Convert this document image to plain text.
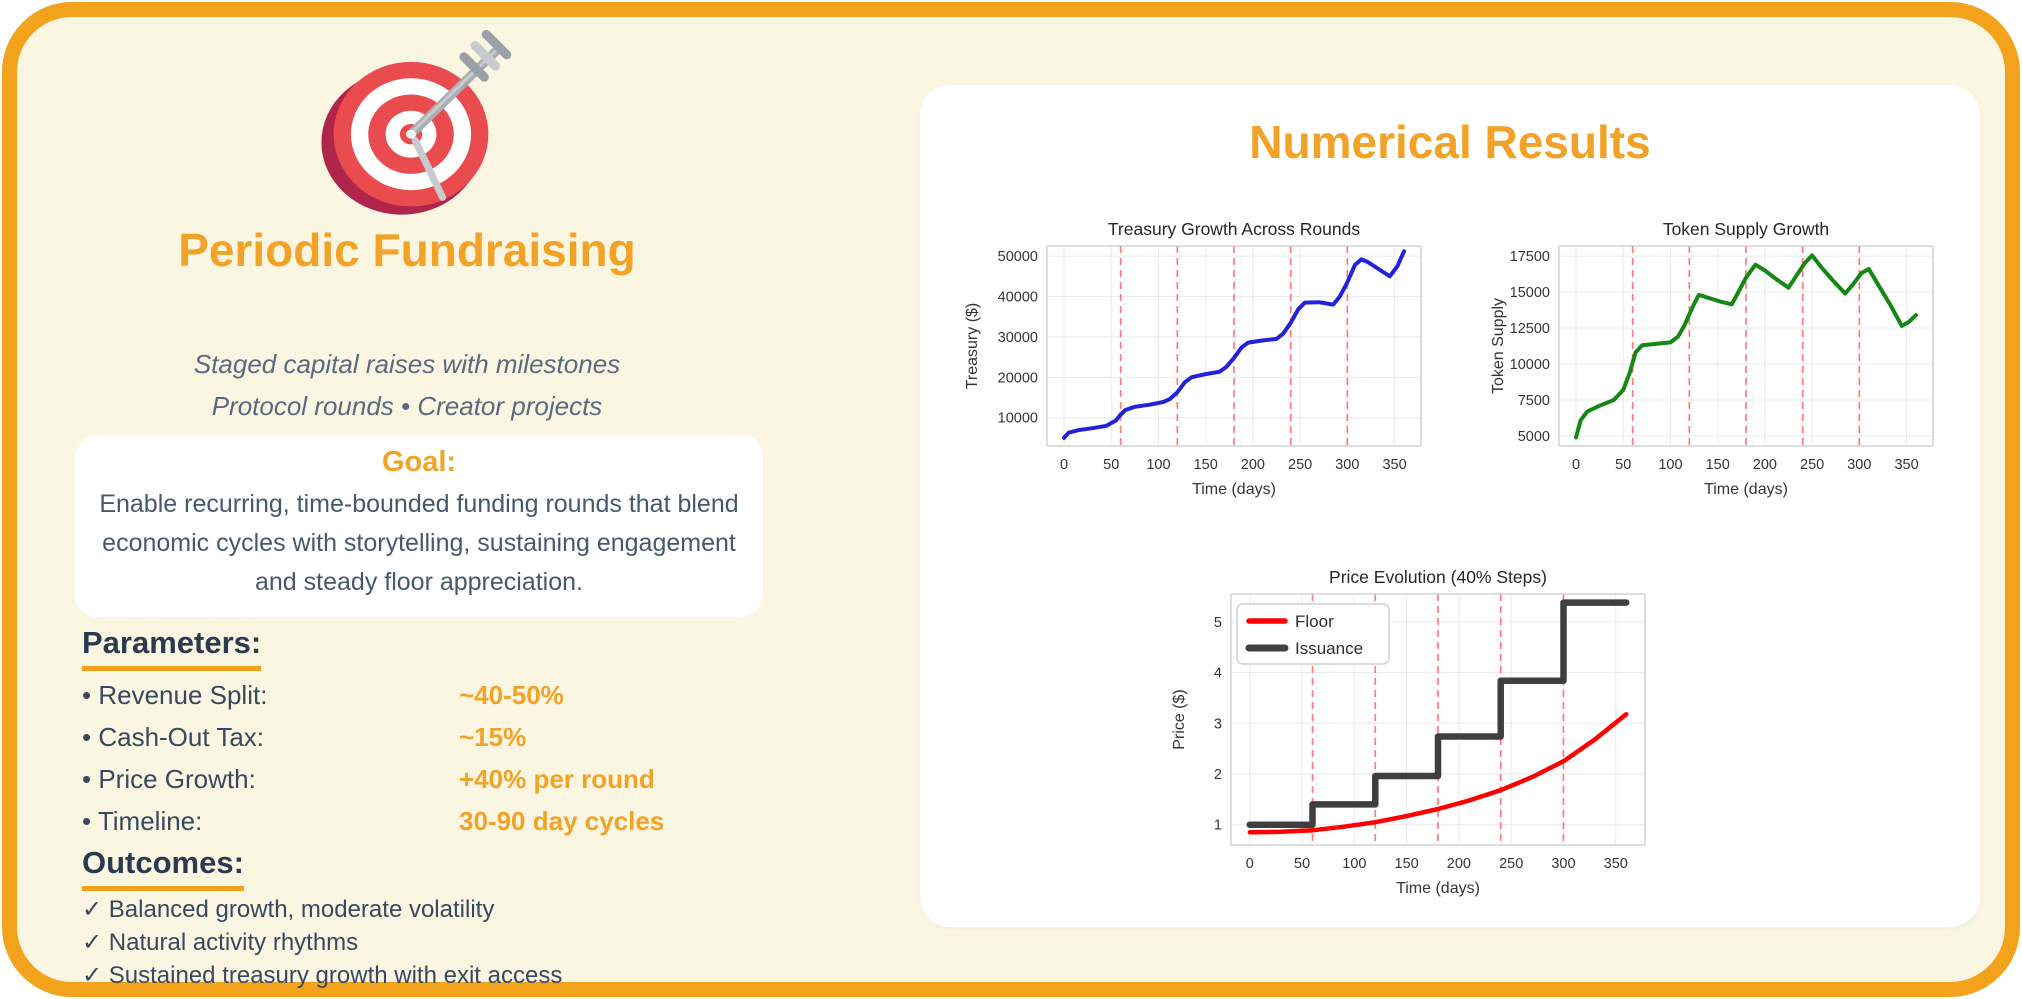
Periodic Fundraising
Staged capital raises with milestones
Protocol rounds • Creator projects
Goal:
Enable recurring, time-bounded funding rounds that blend economic cycles with storytelling, sustaining engagement and steady floor appreciation.
Parameters:
• Revenue Split:	~40-50%
• Cash-Out Tax:	~15%
• Price Growth:	+40% per round
• Timeline:	30-90 day cycles
Outcomes:
✓ Balanced growth, moderate volatility
✓ Natural activity rhythms
✓ Sustained treasury growth with exit access
Numerical Results
0 50 100 150 200 250 300 350
10000
20000
30000
40000
50000
Treasury Growth Across Rounds
Time (days)
Treasury ($)
0 50 100 150 200 250 300 350
5000
7500
10000
12500
15000
17500
Token Supply Growth
Time (days)
Token Supply
0	50 100 150 200 250 300 350
1
2
3
4
5
Price Evolution (40% Steps)
Time (days)
Price ($)
Floor
Issuance
